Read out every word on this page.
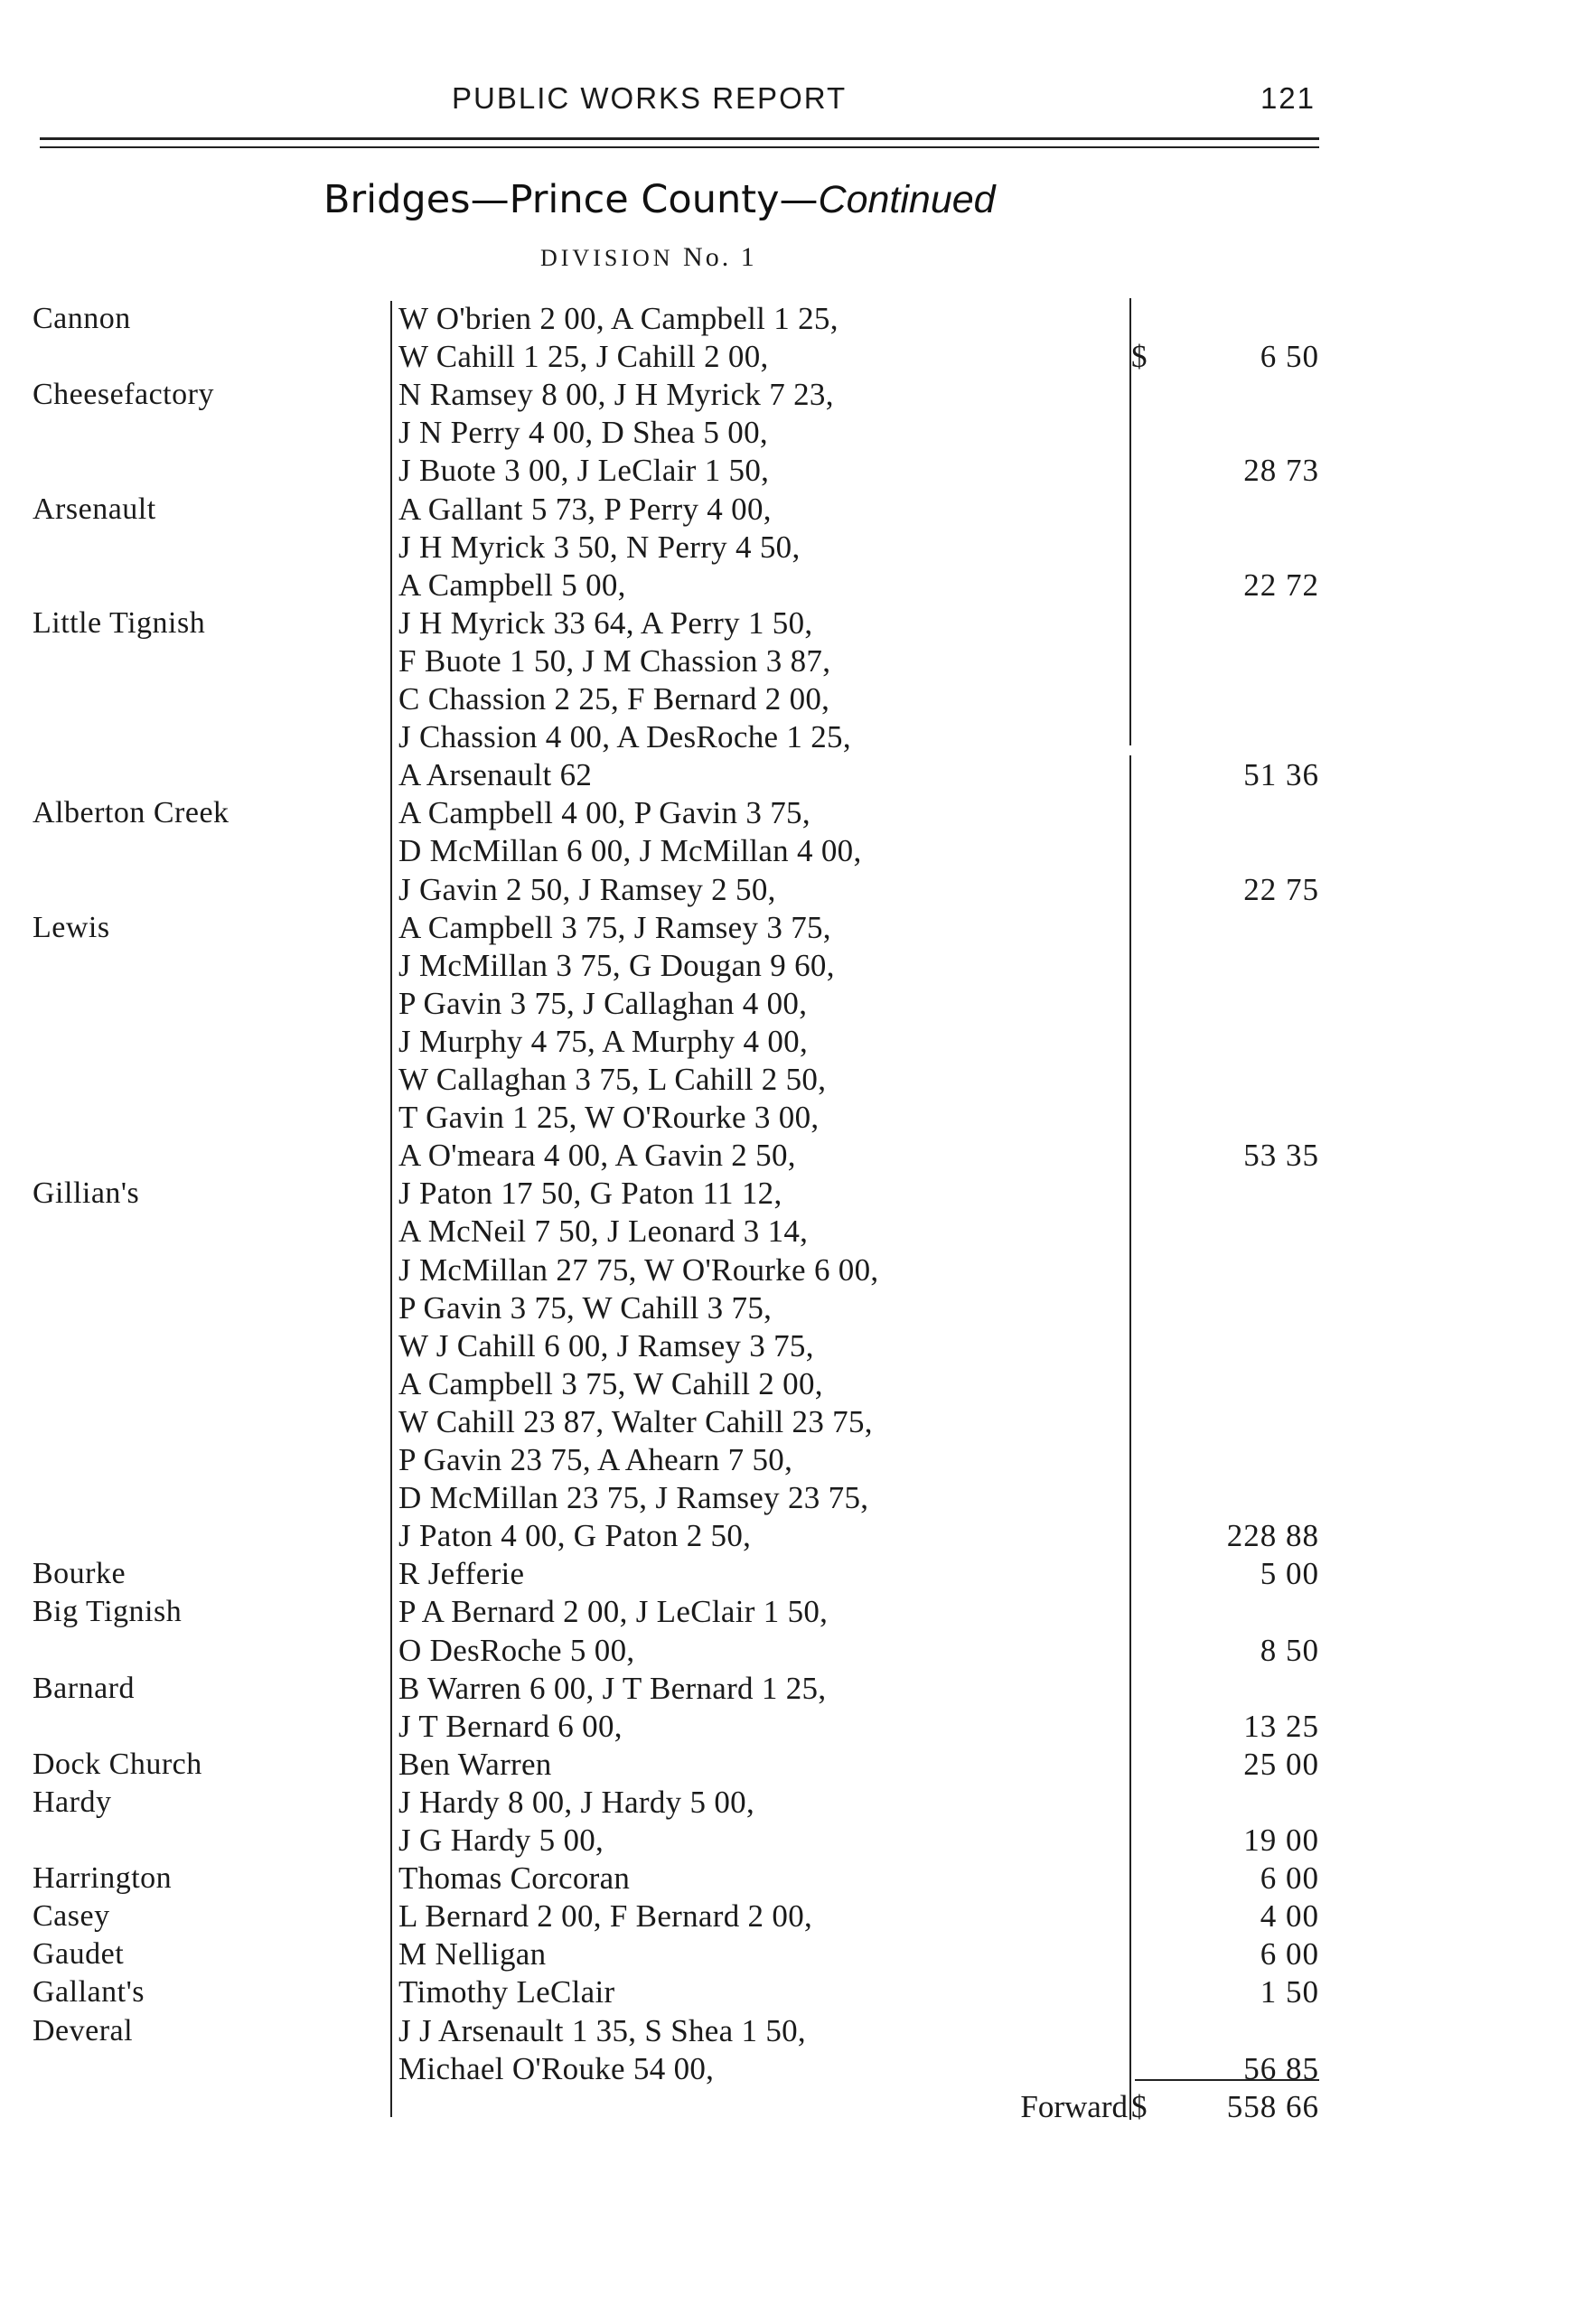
PUBLIC WORKS REPORT	121
Bridges—Prince County—Continued
DIVISION No. 1
Cannon	W O'brien 2 00, A Campbell 1 25,
W Cahill 1 25, J Cahill 2 00,	$	6 50
Cheesefactory	N Ramsey 8 00, J H Myrick 7 23,
J N Perry 4 00, D Shea 5 00,
J Buote 3 00, J LeClair 1 50,	28 73
Arsenault	A Gallant 5 73, P Perry 4 00,
J H Myrick 3 50, N Perry 4 50,
A Campbell 5 00,	22 72
Little Tignish	J H Myrick 33 64, A Perry 1 50,
F Buote 1 50, J M Chassion 3 87,
C Chassion 2 25, F Bernard 2 00,
J Chassion 4 00, A DesRoche 1 25,
A Arsenault 62	51 36
Alberton Creek	A Campbell 4 00, P Gavin 3 75,
D McMillan 6 00, J McMillan 4 00,
J Gavin 2 50, J Ramsey 2 50,	22 75
Lewis	A Campbell 3 75, J Ramsey 3 75,
J McMillan 3 75, G Dougan 9 60,
P Gavin 3 75, J Callaghan 4 00,
J Murphy 4 75, A Murphy 4 00,
W Callaghan 3 75, L Cahill 2 50,
T Gavin 1 25, W O'Rourke 3 00,
A O'meara 4 00, A Gavin 2 50,	53 35
Gillian's	J Paton 17 50, G Paton 11 12,
A McNeil 7 50, J Leonard 3 14,
J McMillan 27 75, W O'Rourke 6 00,
P Gavin 3 75, W Cahill 3 75,
W J Cahill 6 00, J Ramsey 3 75,
A Campbell 3 75, W Cahill 2 00,
W Cahill 23 87, Walter Cahill 23 75,
P Gavin 23 75, A Ahearn 7 50,
D McMillan 23 75, J Ramsey 23 75,
J Paton 4 00, G Paton 2 50,	228 88
Bourke	R Jefferie	5 00
Big Tignish	P A Bernard 2 00, J LeClair 1 50,
O DesRoche 5 00,	8 50
Barnard	B Warren 6 00, J T Bernard 1 25,
J T Bernard 6 00,	13 25
Dock Church	Ben Warren	25 00
Hardy	J Hardy 8 00, J Hardy 5 00,
J G Hardy 5 00,	19 00
Harrington	Thomas Corcoran	6 00
Casey	L Bernard 2 00, F Bernard 2 00,	4 00
Gaudet	M Nelligan	6 00
Gallant's	Timothy LeClair	1 50
Deveral	J J Arsenault 1 35, S Shea 1 50,
Michael O'Rouke 54 00,	56 85
Forward $	558 66
